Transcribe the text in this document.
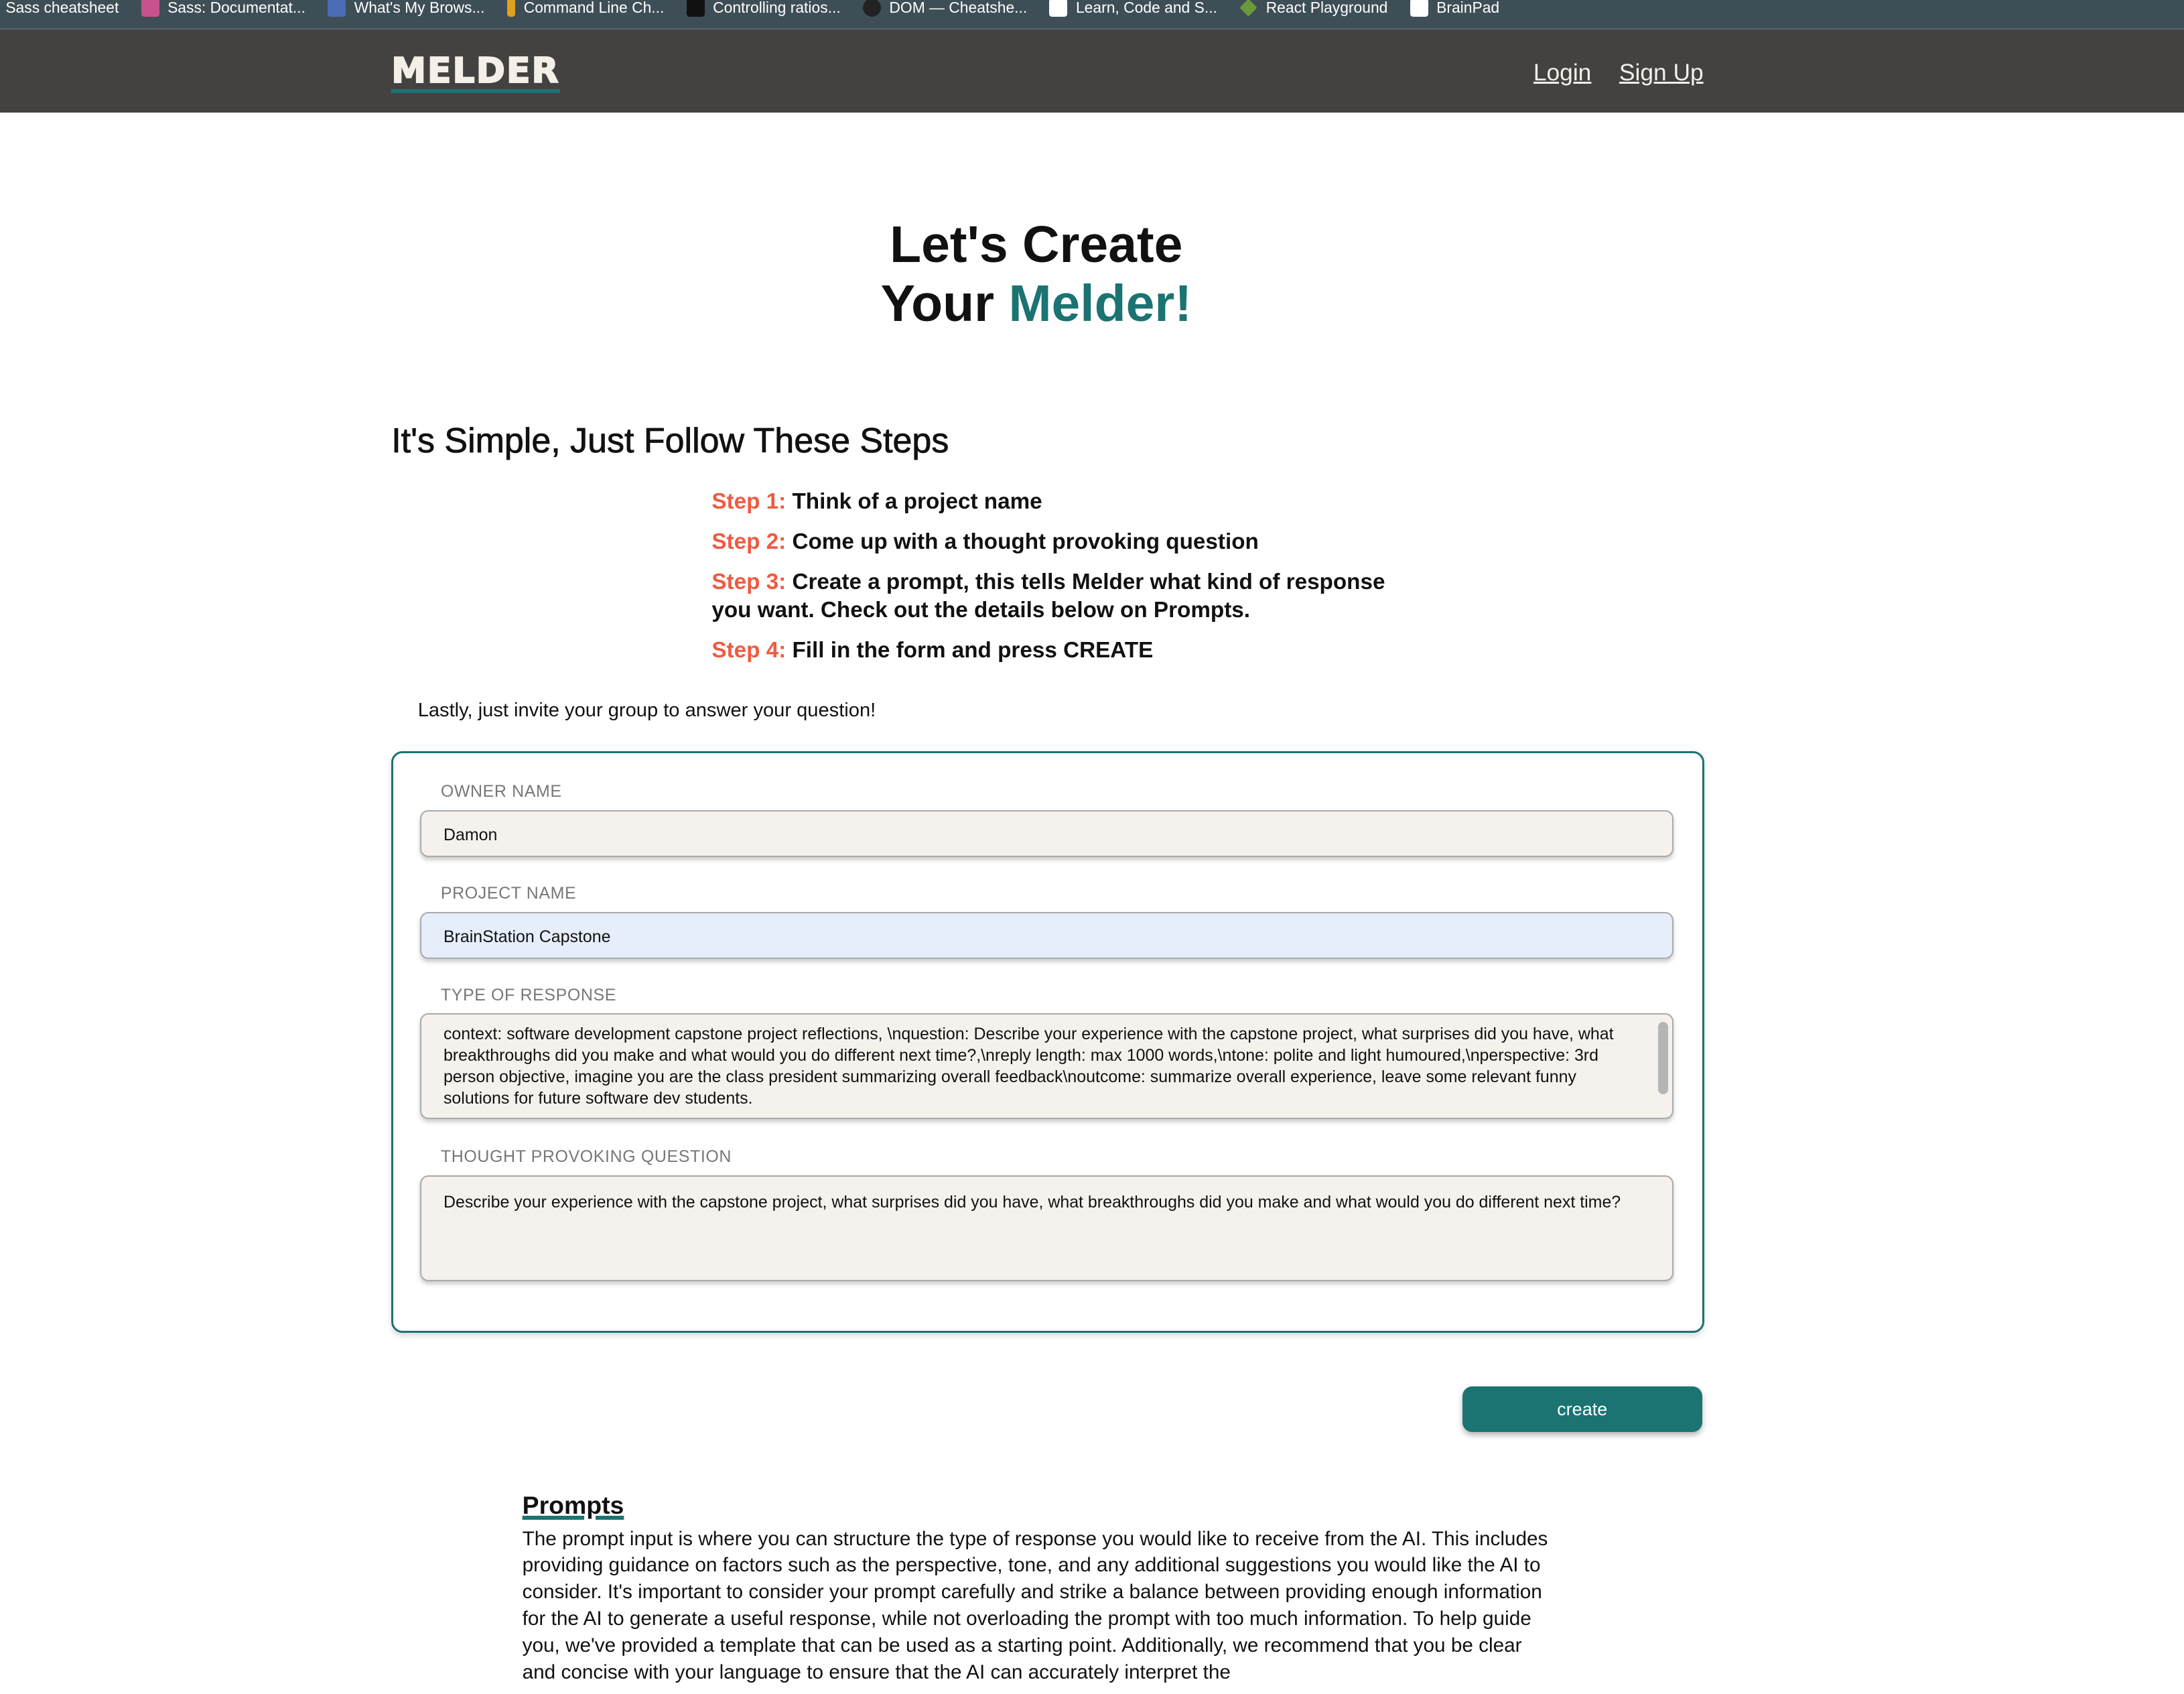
Sass cheatsheet	Sass: Documentat...	What's My Brows...	Command Line Ch...	Controlling ratios...	DOM — Cheatshe...	Learn, Code and S...	React Playground	BrainPad
MELDER	Login Sign Up
Let's Create
Your Melder!
It's Simple, Just Follow These Steps

Step 1: Think of a project name

Step 2: Come up with a thought provoking question

Step 3: Create a prompt, this tells Melder what kind of response you want. Check out the details below on Prompts.

Step 4: Fill in the form and press CREATE

Lastly, just invite your group to answer your question!
OWNER NAME
Damon
PROJECT NAME
BrainStation Capstone
TYPE OF RESPONSE
context: software development capstone project reflections, \nquestion: Describe your experience with the capstone project, what surprises did you have, what breakthroughs did you make and what would you do different next time?,\nreply length: max 1000 words,\ntone: polite and light humoured,\nperspective: 3rd person objective, imagine you are the class president summarizing overall feedback\noutcome: summarize overall experience, leave some relevant funny solutions for future software dev students.
THOUGHT PROVOKING QUESTION
Describe your experience with the capstone project, what surprises did you have, what breakthroughs did you make and what would you do different next time?
create
Prompts
The prompt input is where you can structure the type of response you would like to receive from the AI. This includes providing guidance on factors such as the perspective, tone, and any additional suggestions you would like the AI to consider. It's important to consider your prompt carefully and strike a balance between providing enough information for the AI to generate a useful response, while not overloading the prompt with too much information. To help guide you, we've provided a template that can be used as a starting point. Additionally, we recommend that you be clear and concise with your language to ensure that the AI can accurately interpret the
